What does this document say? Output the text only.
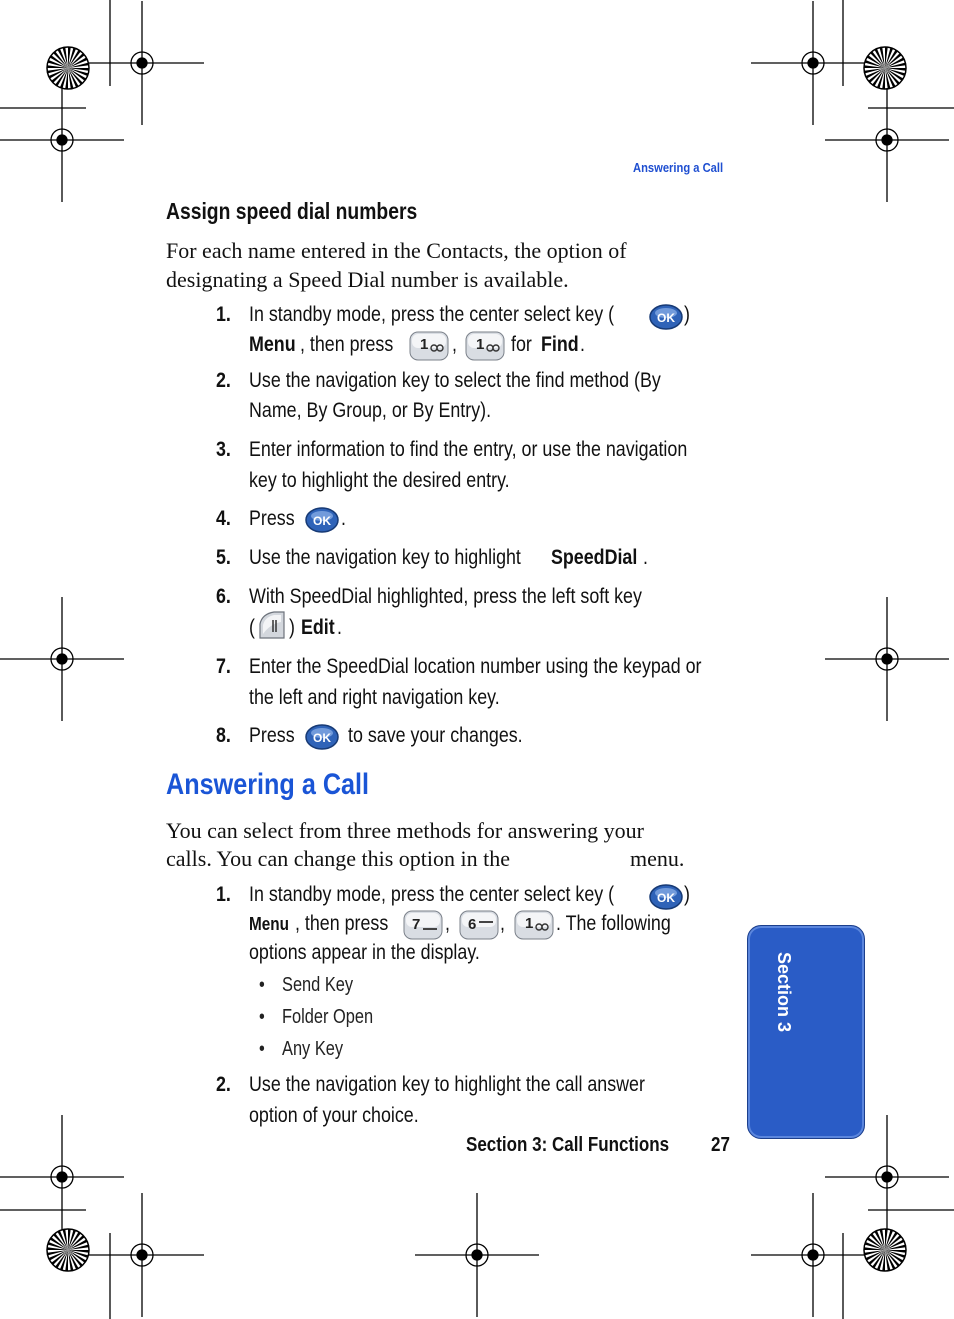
Answering a Call
Assign speed dial numbers
For each name entered in the Contacts, the option of
designating a Speed Dial number is available.
1. In standby mode, press the center select key (	OK )
Menu , then press 1 , 1 for Find .
2. Use the navigation key to select the find method (By
Name, By Group, or By Entry).
3. Enter information to find the entry, or use the navigation
key to highlight the desired entry.
4. Press OK .
5. Use the navigation key to highlight SpeedDial .
6. With SpeedDial highlighted, press the left soft key
( ) Edit .
7. Enter the SpeedDial location number using the keypad or
the left and right navigation key.
8. Press OK to save your changes.
Answering a Call
You can select from three methods for answering your
calls. You can change this option in the	menu.
1. In standby mode, press the center select key (	OK )
Menu , then press 7 , 6 , 1 . The following
options appear in the display.
• Send Key
• Folder Open
• Any Key
2. Use the navigation key to highlight the call answer
option of your choice.
Section 3: Call Functions 27
Section 3
